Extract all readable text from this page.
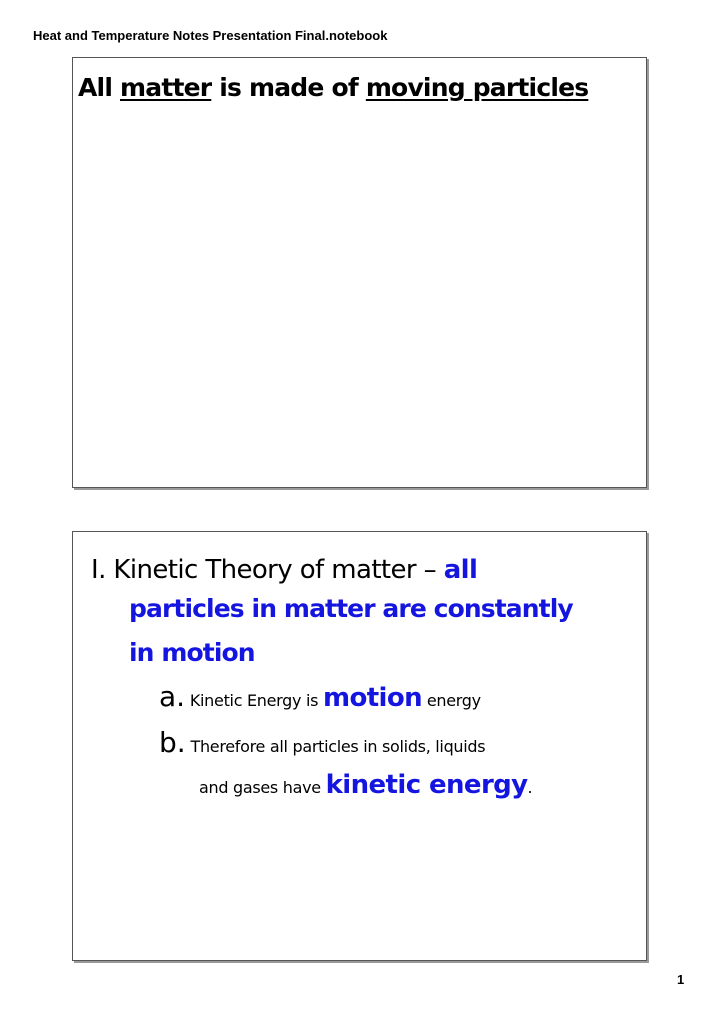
Heat and Temperature Notes Presentation Final.notebook
All matter is made of moving particles
I. Kinetic Theory of matter – all
particles in matter are constantly
in motion
a. Kinetic Energy is motion energy
b. Therefore all particles in solids, liquids
and gases have kinetic energy.
1
